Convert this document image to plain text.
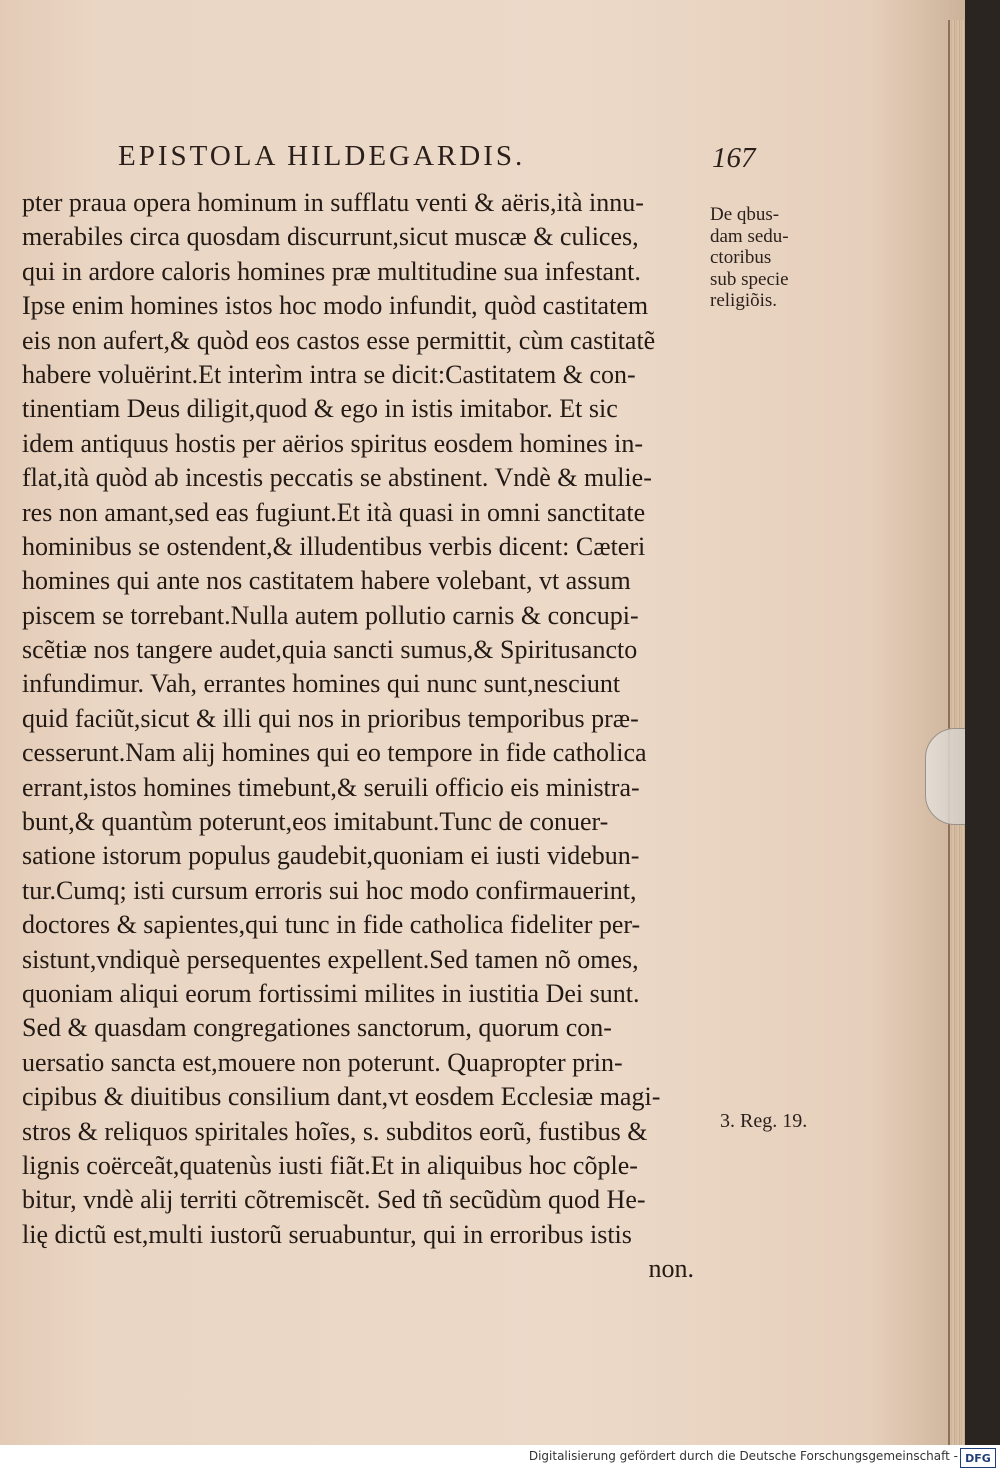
EPISTOLA HILDEGARDIS.	167
pter praua opera hominum in sufflatu venti & aëris,ità innu-
merabiles circa quosdam discurrunt,sicut muscæ & culices,
qui in ardore caloris homines præ multitudine sua infestant.
Ipse enim homines istos hoc modo infundit, quòd castitatem
eis non aufert,& quòd eos castos esse permittit, cùm castitatẽ
habere voluërint.Et interìm intra se dicit:Castitatem & con-
tinentiam Deus diligit,quod & ego in istis imitabor. Et sic
idem antiquus hostis per aërios spiritus eosdem homines in-
flat,ità quòd ab incestis peccatis se abstinent. Vndè & mulie-
res non amant,sed eas fugiunt.Et ità quasi in omni sanctitate
hominibus se ostendent,& illudentibus verbis dicent: Cæteri
homines qui ante nos castitatem habere volebant, vt assum
piscem se torrebant.Nulla autem pollutio carnis & concupi-
scẽtiæ nos tangere audet,quia sancti sumus,& Spiritusancto
infundimur. Vah, errantes homines qui nunc sunt,nesciunt
quid faciũt,sicut & illi qui nos in prioribus temporibus præ-
cesserunt.Nam alij homines qui eo tempore in fide catholica
errant,istos homines timebunt,& seruili officio eis ministra-
bunt,& quantùm poterunt,eos imitabunt.Tunc de conuer-
satione istorum populus gaudebit,quoniam ei iusti videbun-
tur.Cumq; isti cursum erroris sui hoc modo confirmauerint,
doctores & sapientes,qui tunc in fide catholica fideliter per-
sistunt,vndiquè persequentes expellent.Sed tamen nõ omes,
quoniam aliqui eorum fortissimi milites in iustitia Dei sunt.
Sed & quasdam congregationes sanctorum, quorum con-
uersatio sancta est,mouere non poterunt. Quapropter prin-
cipibus & diuitibus consilium dant,vt eosdem Ecclesiæ magi-
stros & reliquos spiritales hoĩes, s. subditos eorũ, fustibus &
lignis coërceãt,quatenùs iusti fiãt.Et in aliquibus hoc cõple-
bitur, vndè alij territi cõtremiscẽt. Sed tñ secũdùm quod He-
lię dictũ est,multi iustorũ seruabuntur, qui in erroribus istis
non.
De qbus-
dam sedu-
ctoribus
sub specie
religiõis.
3. Reg. 19.
Digitalisierung gefördert durch die Deutsche Forschungsgemeinschaft - DFG
